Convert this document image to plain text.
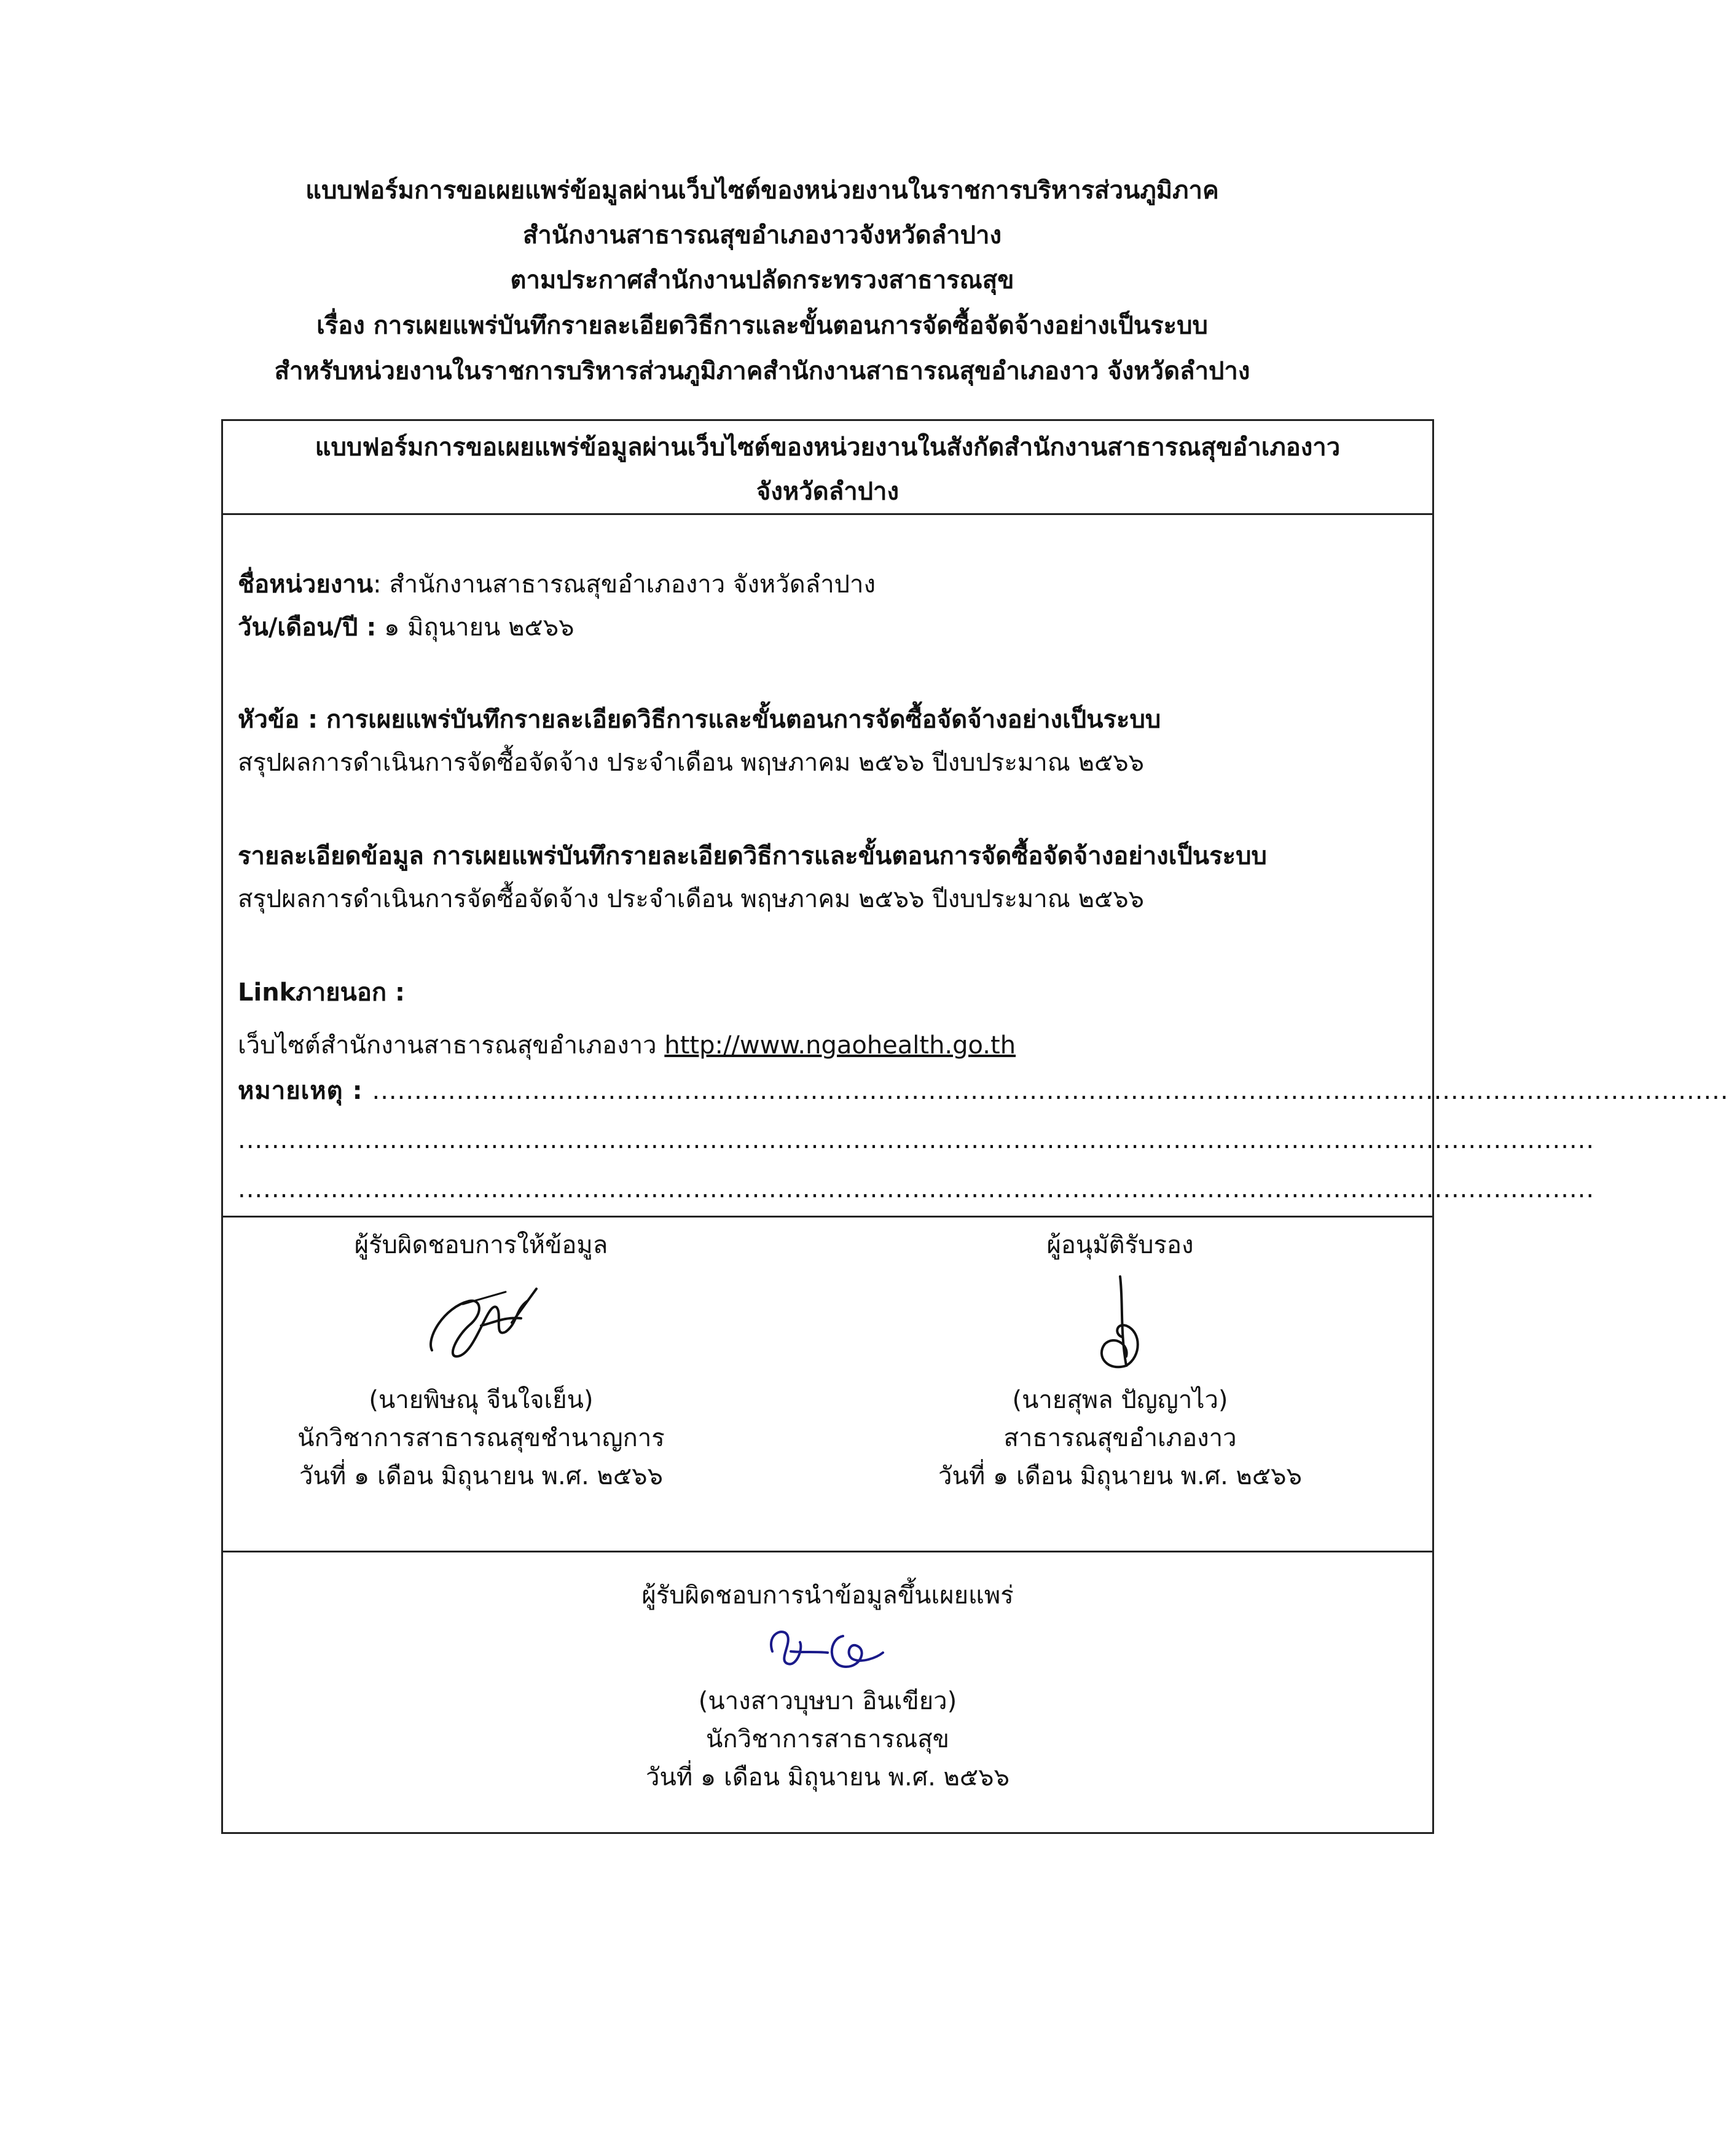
แบบฟอร์มการขอเผยแพร่ข้อมูลผ่านเว็บไซต์ของหน่วยงานในราชการบริหารส่วนภูมิภาค
สำนักงานสาธารณสุขอำเภองาวจังหวัดลำปาง
ตามประกาศสำนักงานปลัดกระทรวงสาธารณสุข
เรื่อง การเผยแพร่บันทึกรายละเอียดวิธีการและขั้นตอนการจัดซื้อจัดจ้างอย่างเป็นระบบ
สำหรับหน่วยงานในราชการบริหารส่วนภูมิภาคสำนักงานสาธารณสุขอำเภองาว จังหวัดลำปาง
แบบฟอร์มการขอเผยแพร่ข้อมูลผ่านเว็บไซต์ของหน่วยงานในสังกัดสำนักงานสาธารณสุขอำเภองาว
จังหวัดลำปาง
ชื่อหน่วยงาน: สำนักงานสาธารณสุขอำเภองาว จังหวัดลำปาง
วัน/เดือน/ปี : ๑ มิถุนายน ๒๕๖๖
หัวข้อ : การเผยแพร่บันทึกรายละเอียดวิธีการและขั้นตอนการจัดซื้อจัดจ้างอย่างเป็นระบบ
สรุปผลการดำเนินการจัดซื้อจัดจ้าง ประจำเดือน พฤษภาคม ๒๕๖๖ ปีงบประมาณ ๒๕๖๖
รายละเอียดข้อมูล การเผยแพร่บันทึกรายละเอียดวิธีการและขั้นตอนการจัดซื้อจัดจ้างอย่างเป็นระบบ
สรุปผลการดำเนินการจัดซื้อจัดจ้าง ประจำเดือน พฤษภาคม ๒๕๖๖ ปีงบประมาณ ๒๕๖๖
Linkภายนอก :
เว็บไซต์สำนักงานสาธารณสุขอำเภองาว http://www.ngaohealth.go.th
หมายเหตุ : .................................................................................................................................................................
.................................................................................................................................................................
.................................................................................................................................................................
ผู้รับผิดชอบการให้ข้อมูล
(นายพิษณุ จีนใจเย็น)
นักวิชาการสาธารณสุขชำนาญการ
วันที่ ๑ เดือน มิถุนายน พ.ศ. ๒๕๖๖
ผู้อนุมัติรับรอง
(นายสุพล ปัญญาไว)
สาธารณสุขอำเภองาว
วันที่ ๑ เดือน มิถุนายน พ.ศ. ๒๕๖๖
ผู้รับผิดชอบการนำข้อมูลขึ้นเผยแพร่
(นางสาวบุษบา อินเขียว)
นักวิชาการสาธารณสุข
วันที่ ๑ เดือน มิถุนายน พ.ศ. ๒๕๖๖
